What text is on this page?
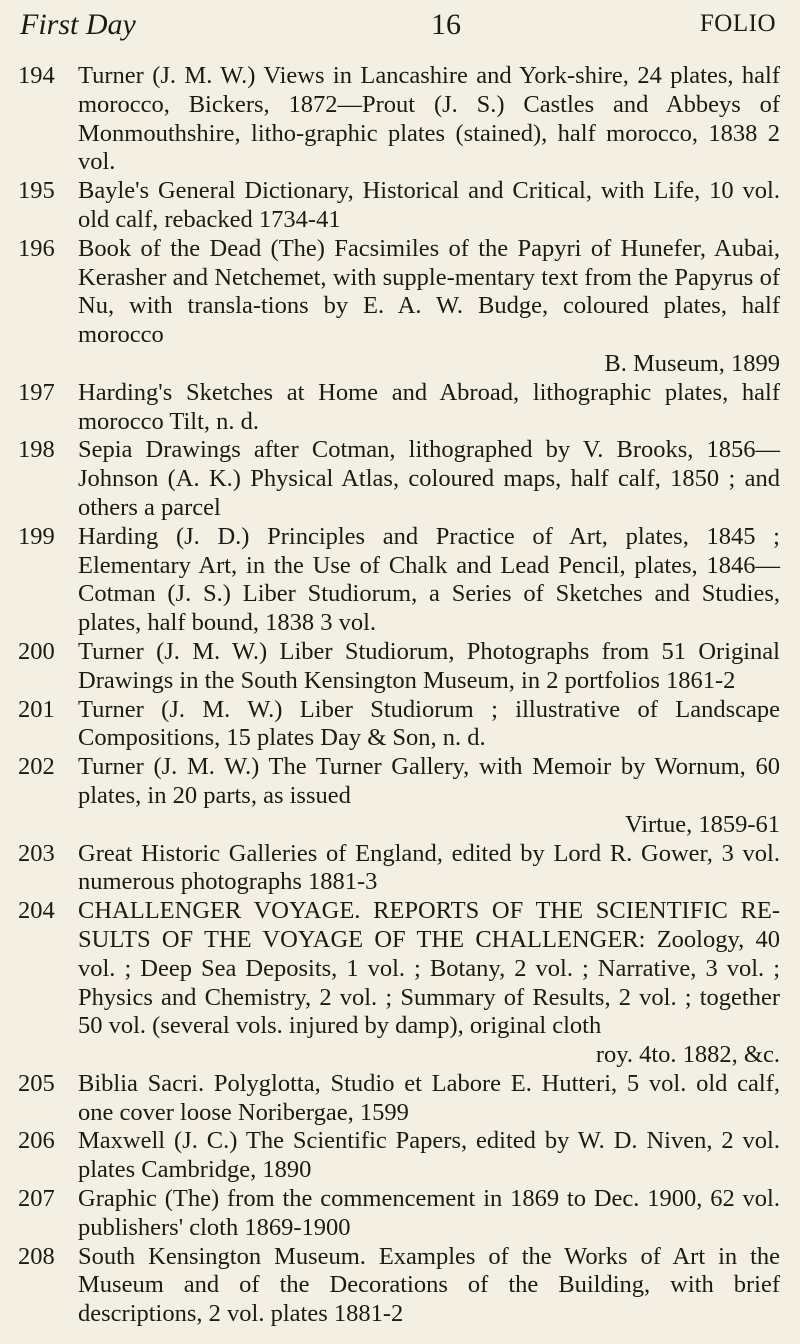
First Day	16	FOLIO
194 Turner (J. M. W.) Views in Lancashire and York-shire, 24 plates, half morocco, Bickers, 1872—Prout (J. S.) Castles and Abbeys of Monmouthshire, litho-graphic plates (stained), half morocco, 1838 2 vol.
195 Bayle's General Dictionary, Historical and Critical, with Life, 10 vol. old calf, rebacked 1734-41
196 Book of the Dead (The) Facsimiles of the Papyri of Hunefer, Aubai, Kerasher and Netchemet, with supple-mentary text from the Papyrus of Nu, with transla-tions by E. A. W. Budge, coloured plates, half morocco
B. Museum, 1899
197 Harding's Sketches at Home and Abroad, lithographic plates, half morocco Tilt, n. d.
198 Sepia Drawings after Cotman, lithographed by V. Brooks, 1856—Johnson (A. K.) Physical Atlas, coloured maps, half calf, 1850 ; and others a parcel
199 Harding (J. D.) Principles and Practice of Art, plates, 1845 ; Elementary Art, in the Use of Chalk and Lead Pencil, plates, 1846—Cotman (J. S.) Liber Studiorum, a Series of Sketches and Studies, plates, half bound, 1838 3 vol.
200 Turner (J. M. W.) Liber Studiorum, Photographs from 51 Original Drawings in the South Kensington Museum, in 2 portfolios 1861-2
201 Turner (J. M. W.) Liber Studiorum ; illustrative of Landscape Compositions, 15 plates Day & Son, n. d.
202 Turner (J. M. W.) The Turner Gallery, with Memoir by Wornum, 60 plates, in 20 parts, as issued
Virtue, 1859-61
203 Great Historic Galleries of England, edited by Lord R. Gower, 3 vol. numerous photographs 1881-3
204 CHALLENGER VOYAGE. REPORTS OF THE SCIENTIFIC RE-SULTS OF THE VOYAGE OF THE CHALLENGER: Zoology, 40 vol. ; Deep Sea Deposits, 1 vol. ; Botany, 2 vol. ; Narrative, 3 vol. ; Physics and Chemistry, 2 vol. ; Summary of Results, 2 vol. ; together 50 vol. (several vols. injured by damp), original cloth
roy. 4to. 1882, &c.
205 Biblia Sacri. Polyglotta, Studio et Labore E. Hutteri, 5 vol. old calf, one cover loose Noribergae, 1599
206 Maxwell (J. C.) The Scientific Papers, edited by W. D. Niven, 2 vol. plates Cambridge, 1890
207 Graphic (The) from the commencement in 1869 to Dec. 1900, 62 vol. publishers' cloth 1869-1900
208 South Kensington Museum. Examples of the Works of Art in the Museum and of the Decorations of the Building, with brief descriptions, 2 vol. plates 1881-2
